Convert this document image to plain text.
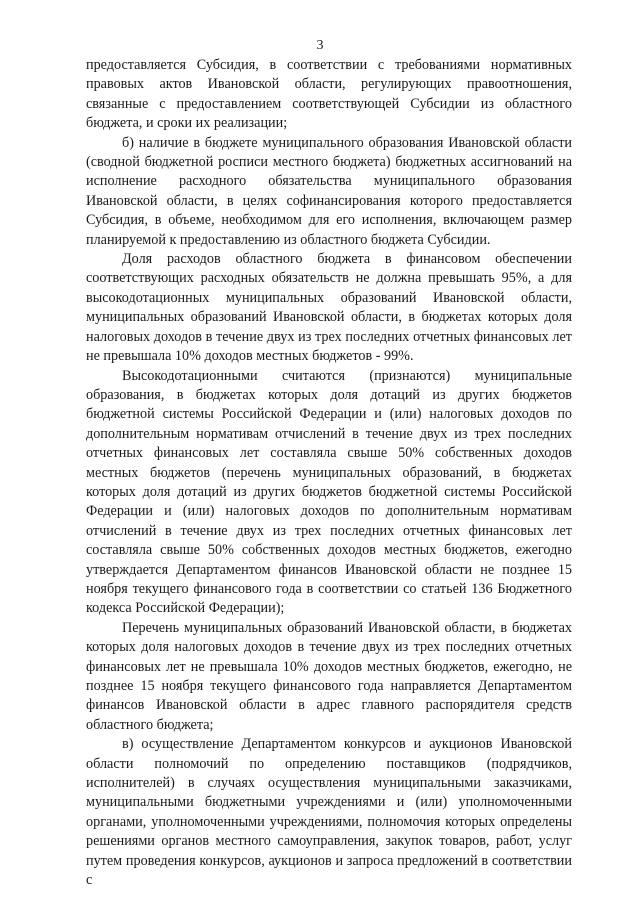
3

предоставляется Субсидия, в соответствии с требованиями нормативных правовых актов Ивановской области, регулирующих правоотношения, связанные с предоставлением соответствующей Субсидии из областного бюджета, и сроки их реализации;

б) наличие в бюджете муниципального образования Ивановской области (сводной бюджетной росписи местного бюджета) бюджетных ассигнований на исполнение расходного обязательства муниципального образования Ивановской области, в целях софинансирования которого предоставляется Субсидия, в объеме, необходимом для его исполнения, включающем размер планируемой к предоставлению из областного бюджета Субсидии.

Доля расходов областного бюджета в финансовом обеспечении соответствующих расходных обязательств не должна превышать 95%, а для высокодотационных муниципальных образований Ивановской области, муниципальных образований Ивановской области, в бюджетах которых доля налоговых доходов в течение двух из трех последних отчетных финансовых лет не превышала 10% доходов местных бюджетов - 99%.

Высокодотационными считаются (признаются) муниципальные образования, в бюджетах которых доля дотаций из других бюджетов бюджетной системы Российской Федерации и (или) налоговых доходов по дополнительным нормативам отчислений в течение двух из трех последних отчетных финансовых лет составляла свыше 50% собственных доходов местных бюджетов (перечень муниципальных образований, в бюджетах которых доля дотаций из других бюджетов бюджетной системы Российской Федерации и (или) налоговых доходов по дополнительным нормативам отчислений в течение двух из трех последних отчетных финансовых лет составляла свыше 50% собственных доходов местных бюджетов, ежегодно утверждается Департаментом финансов Ивановской области не позднее 15 ноября текущего финансового года в соответствии со статьей 136 Бюджетного кодекса Российской Федерации);

Перечень муниципальных образований Ивановской области, в бюджетах которых доля налоговых доходов в течение двух из трех последних отчетных финансовых лет не превышала 10% доходов местных бюджетов, ежегодно, не позднее 15 ноября текущего финансового года направляется Департаментом финансов Ивановской области в адрес главного распорядителя средств областного бюджета;

в) осуществление Департаментом конкурсов и аукционов Ивановской области полномочий по определению поставщиков (подрядчиков, исполнителей) в случаях осуществления муниципальными заказчиками, муниципальными бюджетными учреждениями и (или) уполномоченными органами, уполномоченными учреждениями, полномочия которых определены решениями органов местного самоуправления, закупок товаров, работ, услуг путем проведения конкурсов, аукционов и запроса предложений в соответствии с
